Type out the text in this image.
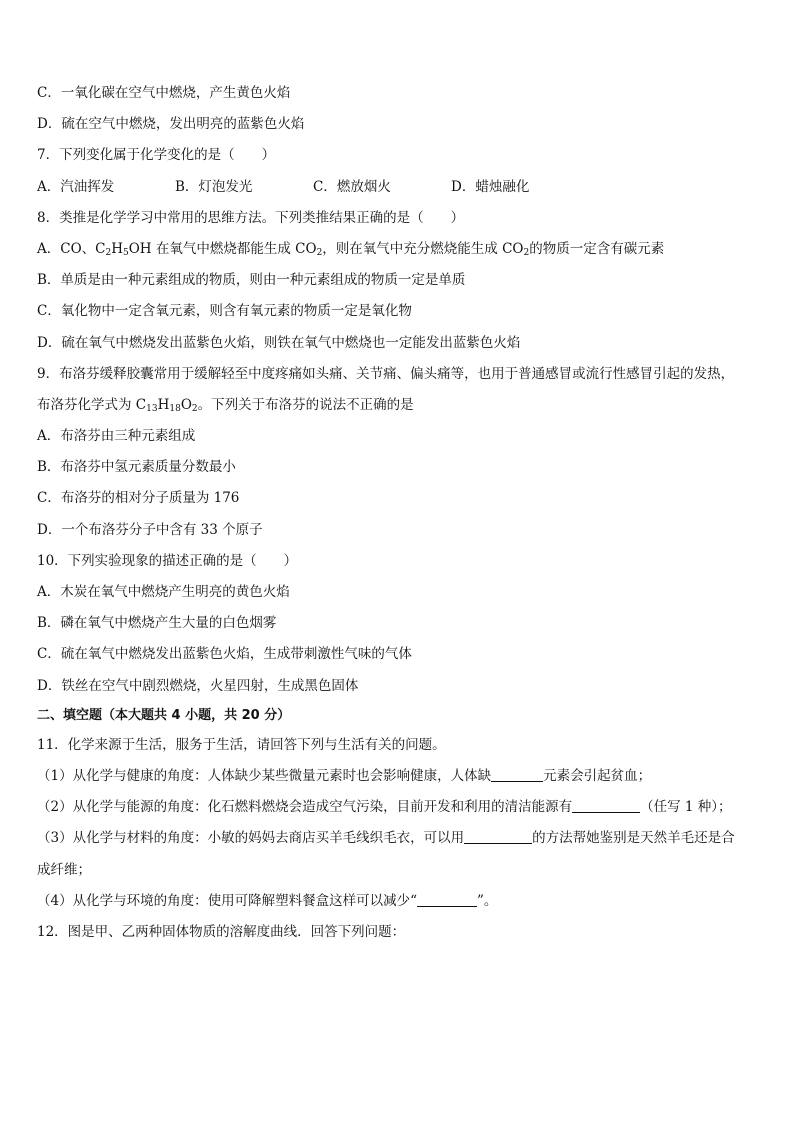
C．一氧化碳在空气中燃烧，产生黄色火焰
D．硫在空气中燃烧，发出明亮的蓝紫色火焰
7．下列变化属于化学变化的是（　　）
A．汽油挥发	B．灯泡发光	C．燃放烟火	D．蜡烛融化
8．类推是化学学习中常用的思维方法。下列类推结果正确的是（　　）
A．CO、$C_2H_5OH$ 在氧气中燃烧都能生成 $CO_2$，则在氧气中充分燃烧能生成 $CO_2$的物质一定含有碳元素
B．单质是由一种元素组成的物质，则由一种元素组成的物质一定是单质
C．氧化物中一定含氧元素，则含有氧元素的物质一定是氧化物
D．硫在氧气中燃烧发出蓝紫色火焰，则铁在氧气中燃烧也一定能发出蓝紫色火焰
9．布洛芬缓释胶囊常用于缓解轻至中度疼痛如头痛、关节痛、偏头痛等，也用于普通感冒或流行性感冒引起的发热，
布洛芬化学式为 $C_{13}H_{18}O_2$。下列关于布洛芬的说法不正确的是
A．布洛芬由三种元素组成
B．布洛芬中氢元素质量分数最小
C．布洛芬的相对分子质量为 176
D．一个布洛芬分子中含有 33 个原子
10．下列实验现象的描述正确的是（　　）
A．木炭在氧气中燃烧产生明亮的黄色火焰
B．磷在氧气中燃烧产生大量的白色烟雾
C．硫在氧气中燃烧发出蓝紫色火焰，生成带刺激性气味的气体
D．铁丝在空气中剧烈燃烧，火星四射，生成黑色固体
二、填空题（本大题共 4 小题，共 20 分）
11．化学来源于生活，服务于生活，请回答下列与生活有关的问题。
（1）从化学与健康的角度：人体缺少某些微量元素时也会影响健康，人体缺	元素会引起贫血；
（2）从化学与能源的角度：化石燃料燃烧会造成空气污染，目前开发和利用的清洁能源有	（任写 1 种）；
（3）从化学与材料的角度：小敏的妈妈去商店买羊毛线织毛衣，可以用	的方法帮她鉴别是天然羊毛还是合
成纤维；
（4）从化学与环境的角度：使用可降解塑料餐盒这样可以减少“	”。
12．图是甲、乙两种固体物质的溶解度曲线．回答下列问题：
